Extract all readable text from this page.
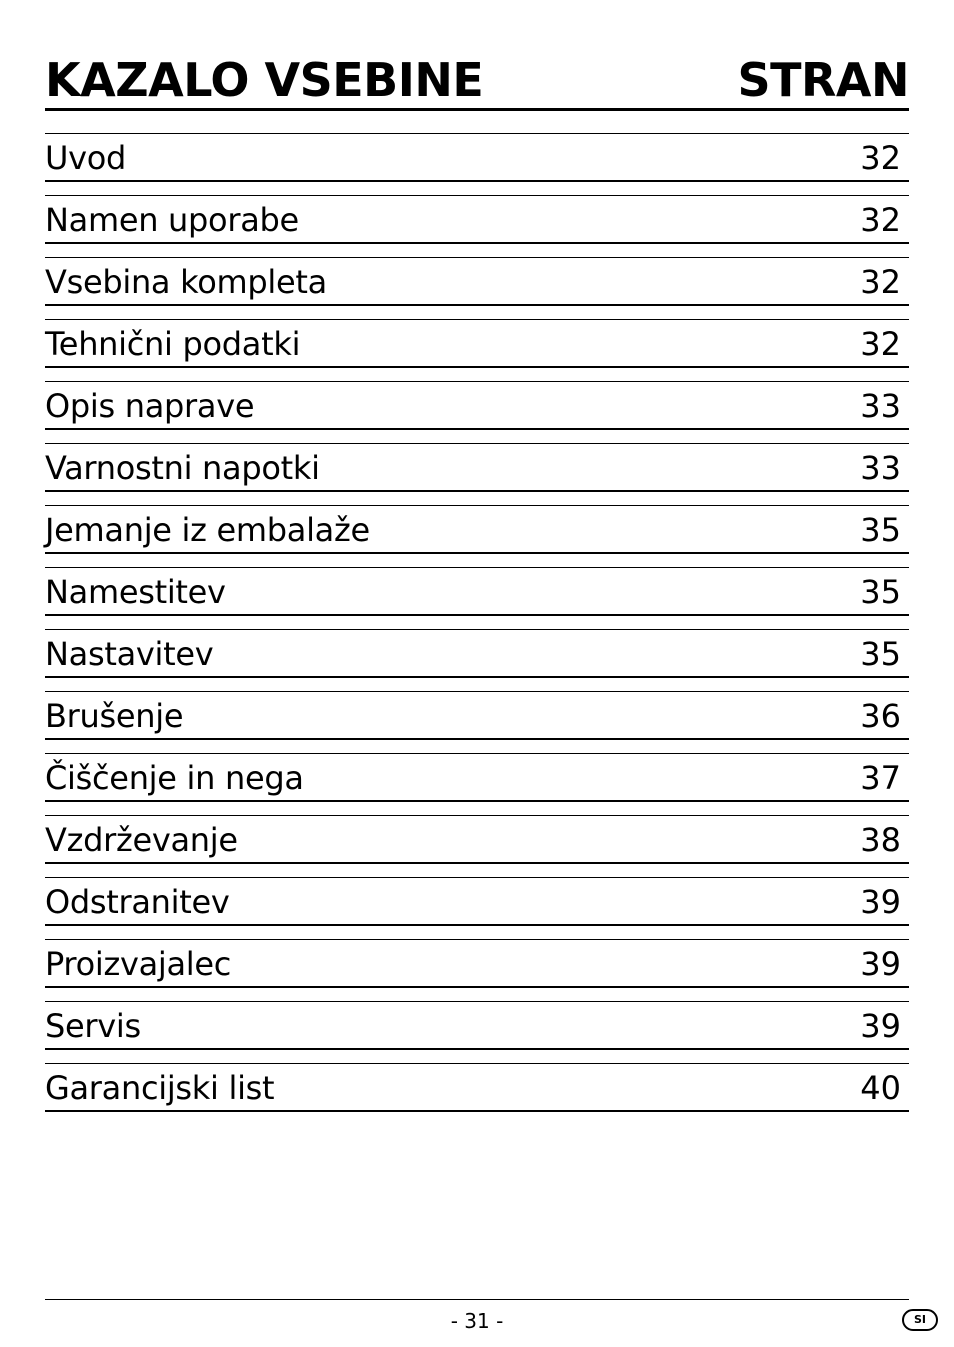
KAZALO VSEBINE	STRAN
Uvod	32
Namen uporabe	32
Vsebina kompleta	32
Tehnični podatki	32
Opis naprave	33
Varnostni napotki	33
Jemanje iz embalaže	35
Namestitev	35
Nastavitev	35
Brušenje	36
Čiščenje in nega	37
Vzdrževanje	38
Odstranitev	39
Proizvajalec	39
Servis	39
Garancijski list	40
- 31 -	SI
